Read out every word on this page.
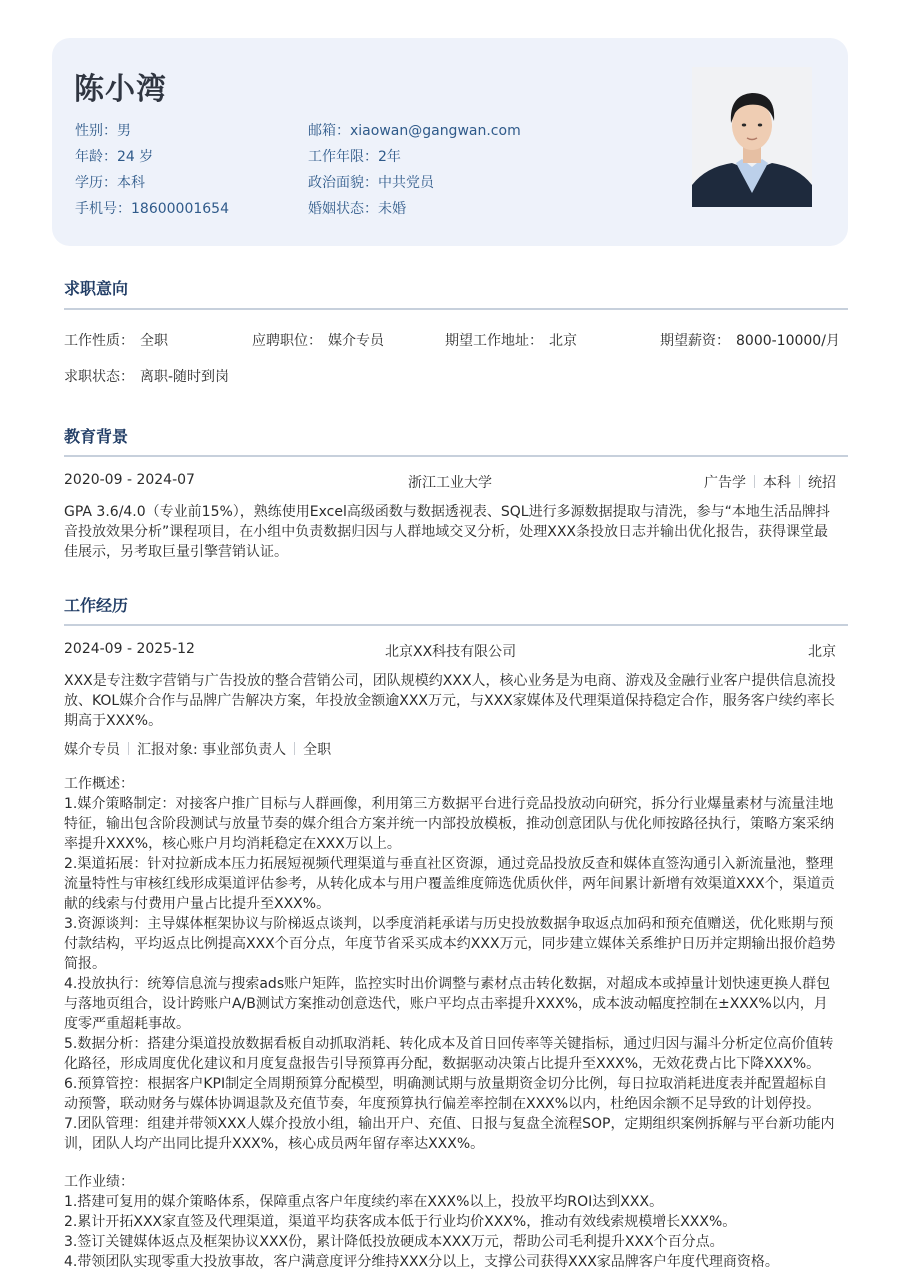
陈小湾
性别：男
年龄：24 岁
学历：本科
手机号：18600001654
邮箱：xiaowan@gangwan.com
工作年限：2年
政治面貌：中共党员
婚姻状态：未婚
求职意向
工作性质： 全职	应聘职位： 媒介专员	期望工作地址： 北京	期望薪资： 8000-10000/月
求职状态： 离职-随时到岗
教育背景
2020-09 - 2024-07	浙江工业大学	广告学 本科 统招
GPA 3.6/4.0（专业前15%），熟练使用Excel高级函数与数据透视表、SQL进行多源数据提取与清洗，参与“本地生活品牌抖音投放效果分析”课程项目，在小组中负责数据归因与人群地域交叉分析，处理XXX条投放日志并输出优化报告，获得课堂最佳展示，另考取巨量引擎营销认证。
工作经历
2024-09 - 2025-12	北京XX科技有限公司	北京
XXX是专注数字营销与广告投放的整合营销公司，团队规模约XXX人，核心业务是为电商、游戏及金融行业客户提供信息流投放、KOL媒介合作与品牌广告解决方案，年投放金额逾XXX万元，与XXX家媒体及代理渠道保持稳定合作，服务客户续约率长期高于XXX%。
媒介专员 汇报对象: 事业部负责人 全职
工作概述：
1.媒介策略制定：对接客户推广目标与人群画像，利用第三方数据平台进行竞品投放动向研究，拆分行业爆量素材与流量洼地特征，输出包含阶段测试与放量节奏的媒介组合方案并统一内部投放模板，推动创意团队与优化师按路径执行，策略方案采纳率提升XXX%，核心账户月均消耗稳定在XXX万以上。
2.渠道拓展：针对拉新成本压力拓展短视频代理渠道与垂直社区资源，通过竞品投放反查和媒体直签沟通引入新流量池，整理流量特性与审核红线形成渠道评估参考，从转化成本与用户覆盖维度筛选优质伙伴，两年间累计新增有效渠道XXX个，渠道贡献的线索与付费用户量占比提升至XXX%。
3.资源谈判：主导媒体框架协议与阶梯返点谈判，以季度消耗承诺与历史投放数据争取返点加码和预充值赠送，优化账期与预付款结构，平均返点比例提高XXX个百分点，年度节省采买成本约XXX万元，同步建立媒体关系维护日历并定期输出报价趋势简报。
4.投放执行：统筹信息流与搜索ads账户矩阵，监控实时出价调整与素材点击转化数据，对超成本或掉量计划快速更换人群包与落地页组合，设计跨账户A/B测试方案推动创意迭代，账户平均点击率提升XXX%，成本波动幅度控制在±XXX%以内，月度零严重超耗事故。
5.数据分析：搭建分渠道投放数据看板自动抓取消耗、转化成本及首日回传率等关键指标，通过归因与漏斗分析定位高价值转化路径，形成周度优化建议和月度复盘报告引导预算再分配，数据驱动决策占比提升至XXX%，无效花费占比下降XXX%。
6.预算管控：根据客户KPI制定全周期预算分配模型，明确测试期与放量期资金切分比例，每日拉取消耗进度表并配置超标自动预警，联动财务与媒体协调退款及充值节奏，年度预算执行偏差率控制在XXX%以内，杜绝因余额不足导致的计划停投。
7.团队管理：组建并带领XXX人媒介投放小组，输出开户、充值、日报与复盘全流程SOP，定期组织案例拆解与平台新功能内训，团队人均产出同比提升XXX%，核心成员两年留存率达XXX%。
工作业绩：
1.搭建可复用的媒介策略体系，保障重点客户年度续约率在XXX%以上，投放平均ROI达到XXX。
2.累计开拓XXX家直签及代理渠道，渠道平均获客成本低于行业均价XXX%，推动有效线索规模增长XXX%。
3.签订关键媒体返点及框架协议XXX份，累计降低投放硬成本XXX万元，帮助公司毛利提升XXX个百分点。
4.带领团队实现零重大投放事故，客户满意度评分维持XXX分以上，支撑公司获得XXX家品牌客户年度代理商资格。
